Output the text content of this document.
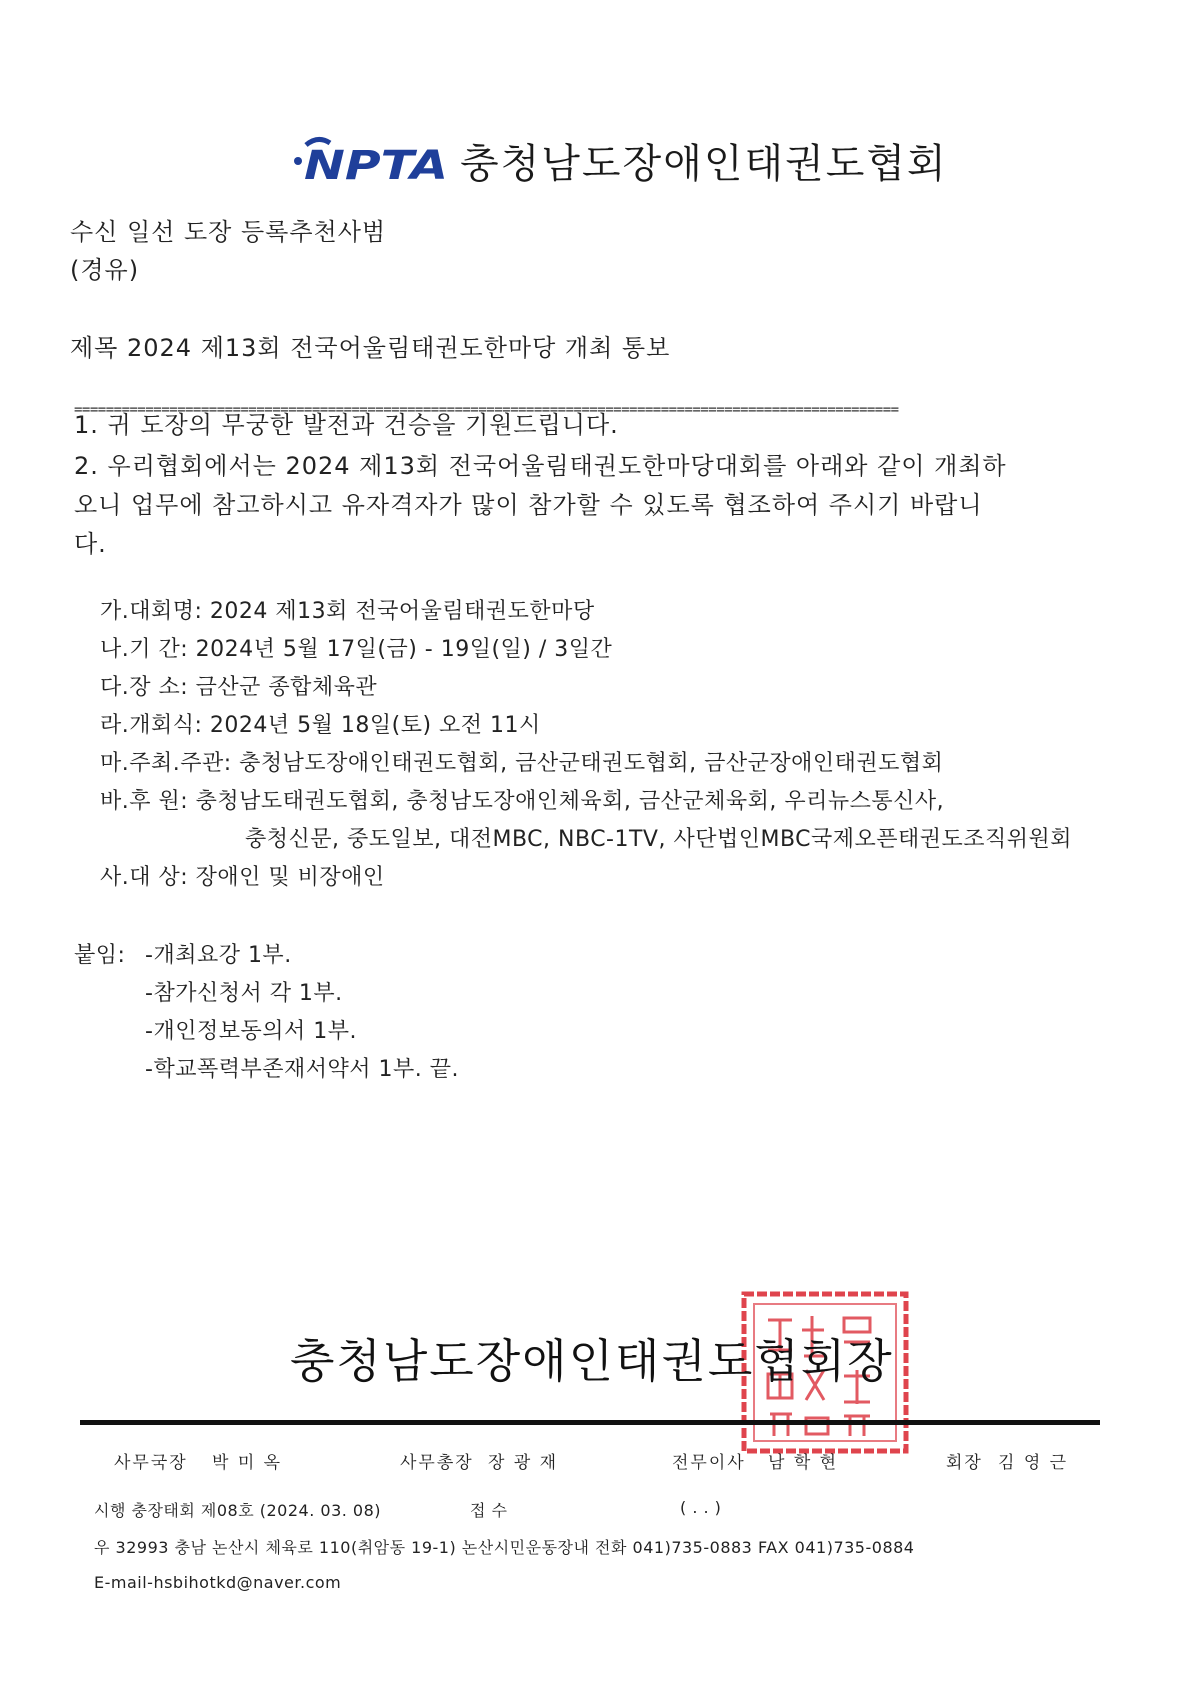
NPTA 충청남도장애인태권도협회
수신 일선 도장 등록추천사범
(경유)
제목 2024 제13회 전국어울림태권도한마당 개최 통보
========================================================================================================
1. 귀 도장의 무궁한 발전과 건승을 기원드립니다.
2. 우리협회에서는 2024 제13회 전국어울림태권도한마당대회를 아래와 같이 개최하
오니 업무에 참고하시고 유자격자가 많이 참가할 수 있도록 협조하여 주시기 바랍니
다.
가.대회명: 2024 제13회 전국어울림태권도한마당
나.기 간: 2024년 5월 17일(금) - 19일(일) / 3일간
다.장 소: 금산군 종합체육관
라.개회식: 2024년 5월 18일(토) 오전 11시
마.주최.주관: 충청남도장애인태권도협회, 금산군태권도협회, 금산군장애인태권도협회
바.후 원: 충청남도태권도협회, 충청남도장애인체육회, 금산군체육회, 우리뉴스통신사,
충청신문, 중도일보, 대전MBC, NBC-1TV, 사단법인MBC국제오픈태권도조직위원회
사.대 상: 장애인 및 비장애인
붙임: -개최요강 1부.
-참가신청서 각 1부.
-개인정보동의서 1부.
-학교폭력부존재서약서 1부. 끝.
충청남도장애인태권도협회장
사무국장 박 미 옥	사무총장 장 광 재	전무이사 남 학 현	회장 김 영 근
시행 충장태회 제08호 (2024. 03. 08)	접 수	( . . )
우 32993 충남 논산시 체육로 110(취암동 19-1) 논산시민운동장내 전화 041)735-0883 FAX 041)735-0884
E-mail-hsbihotkd@naver.com
